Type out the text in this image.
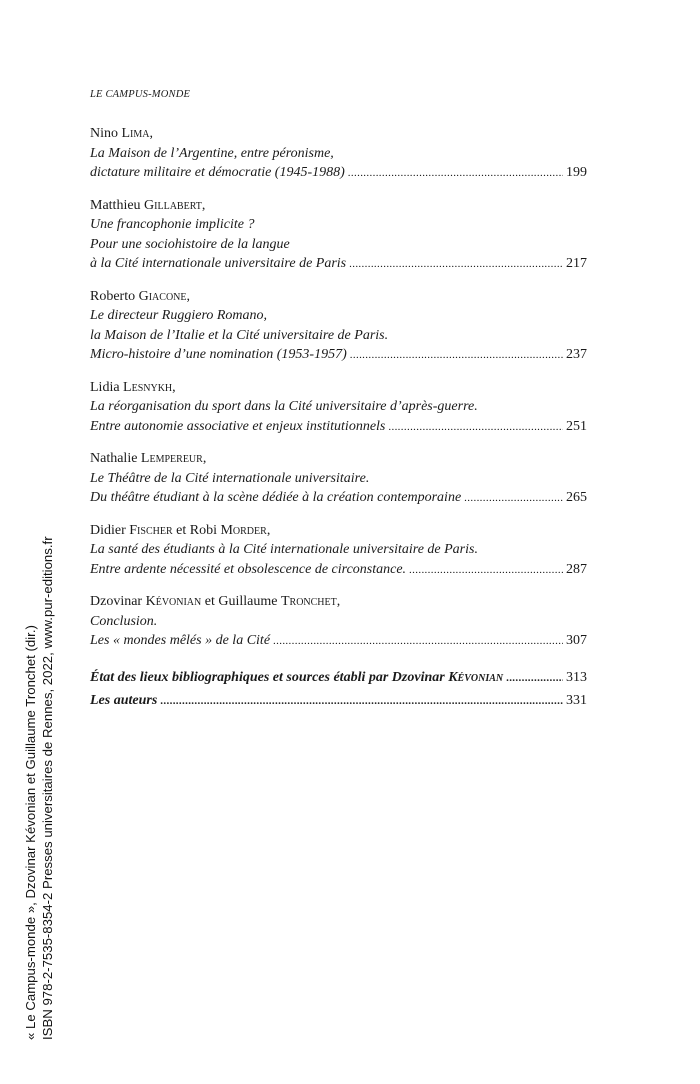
LE CAMPUS-MONDE
Nino Lima,
La Maison de l’Argentine, entre péronisme,
dictature militaire et démocratie (1945-1988) . . .	199
Matthieu Gillabert,
Une francophonie implicite ?
Pour une sociohistoire de la langue
à la Cité internationale universitaire de Paris . . .	217
Roberto Giacone,
Le directeur Ruggiero Romano,
la Maison de l’Italie et la Cité universitaire de Paris.
Micro-histoire d’une nomination (1953-1957) . . .	237
Lidia Lesnykh,
La réorganisation du sport dans la Cité universitaire d’après-guerre.
Entre autonomie associative et enjeux institutionnels . . .	251
Nathalie Lempereur,
Le Théâtre de la Cité internationale universitaire.
Du théâtre étudiant à la scène dédiée à la création contemporaine . . .	265
Didier Fischer et Robi Morder,
La santé des étudiants à la Cité internationale universitaire de Paris.
Entre ardente nécessité et obsolescence de circonstance. . . .	287
Dzovinar Kévonian et Guillaume Tronchet,
Conclusion.
Les « mondes mêlés » de la Cité . . .	307
État des lieux bibliographiques et sources établi par Dzovinar Kévonian . . .	313
Les auteurs . . .	331
« Le Campus-monde », Dzovinar Kévonian et Guillaume Tronchet (dir.) ISBN 978-2-7535-8354-2 Presses universitaires de Rennes, 2022, www.pur-editions.fr
